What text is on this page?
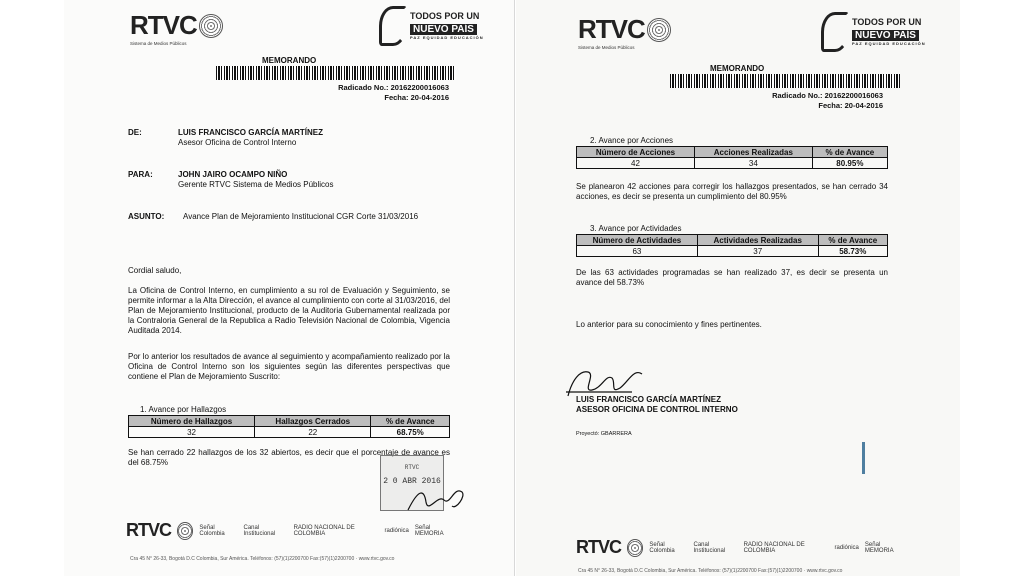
RTVC
Sistema de Medios Públicos
TODOS POR UN
NUEVO PAÍS
PAZ EQUIDAD EDUCACIÓN
MEMORANDO
Radicado No.: 20162200016063
Fecha: 20-04-2016
DE:	LUIS FRANCISCO GARCÍA MARTÍNEZ
Asesor Oficina de Control Interno
PARA:	JOHN JAIRO OCAMPO NIÑO
Gerente RTVC Sistema de Medios Públicos
ASUNTO: Avance Plan de Mejoramiento Institucional CGR Corte 31/03/2016
Cordial saludo,
La Oficina de Control Interno, en cumplimiento a su rol de Evaluación y Seguimiento, se permite informar a la Alta Dirección, el avance al cumplimiento con corte al 31/03/2016, del Plan de Mejoramiento Institucional, producto de la Auditoria Gubernamental realizada por la Contraloria General de la Republica a Radio Televisión Nacional de Colombia, Vigencia Auditada 2014.
Por lo anterior los resultados de avance al seguimiento y acompañamiento realizado por la Oficina de Control Interno son los siguientes según las diferentes perspectivas que contiene el Plan de Mejoramiento Suscrito:
1. Avance por Hallazgos
Número de Hallazgos	Hallazgos Cerrados	% de Avance
32	22	68.75%
Se han cerrado 22 hallazgos de los 32 abiertos, es decir que el porcentaje de avance es del 68.75%
RTVC
2 0 ABR 2016
RTVC	Señal Colombia
Canal Institucional
RADIO NACIONAL DE COLOMBIA	radiónica Señal MEMORIA
Cra 45 N° 26-33, Bogotá D.C Colombia, Sur América. Teléfonos: (57)(1)2200700 Fax:(57)(1)2200700 · www.rtvc.gov.co
RTVC
Sistema de Medios Públicos
TODOS POR UN
NUEVO PAÍS
PAZ EQUIDAD EDUCACIÓN
MEMORANDO
Radicado No.: 20162200016063
Fecha: 20-04-2016
2. Avance por Acciones
Número de Acciones	Acciones Realizadas	% de Avance
42	34	80.95%
Se planearon 42 acciones para corregir los hallazgos presentados, se han cerrado 34 acciones, es decir se presenta un cumplimiento del 80.95%
3. Avance por Actividades
Número de Actividades	Actividades Realizadas	% de Avance
63	37	58.73%
De las 63 actividades programadas se han realizado 37, es decir se presenta un avance del 58.73%
Lo anterior para su conocimiento y fines pertinentes.
LUIS FRANCISCO GARCÍA MARTÍNEZ
ASESOR OFICINA DE CONTROL INTERNO
Proyectó: GBARRERA
RTVC	Señal Colombia
Canal Institucional
RADIO NACIONAL DE COLOMBIA	radiónica Señal MEMORIA
Cra 45 N° 26-33, Bogotá D.C Colombia, Sur América. Teléfonos: (57)(1)2200700 Fax:(57)(1)2200700 · www.rtvc.gov.co
